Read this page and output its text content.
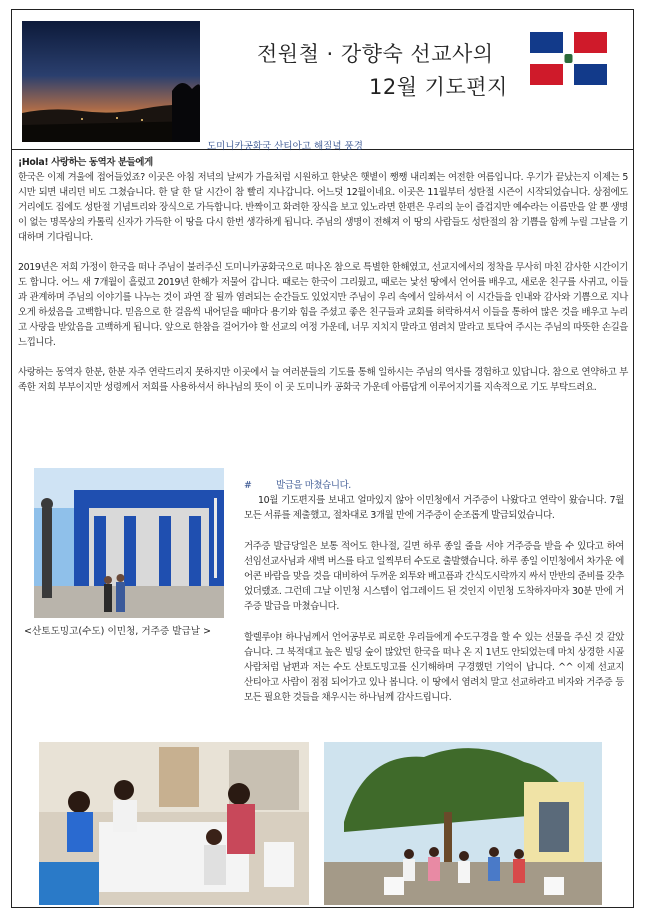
전원철 · 강향숙 선교사의
12월 기도편지
도미니카공화국 산티아고 해질녘 풍경
¡Hola! 사랑하는 동역자 분들에게

한국은 이제 겨울에 접어들었죠? 이곳은 아침 저녁의 날씨가 가을처럼 시원하고 한낮은 햇볕이 쨍쨍 내리쬐는 여전한 여름입니다. 우기가 끝났는지 이제는 5시만 되면 내리던 비도 그쳤습니다. 한 달 한 달 시간이 참 빨리 지나갑니다. 어느덧 12월이네요. 이곳은 11월부터 성탄절 시즌이 시작되었습니다. 상점에도 거리에도 집에도 성탄절 기념트리와 장식으로 가득합니다. 반짝이고 화려한 장식을 보고 있노라면 한편은 우리의 눈이 즐겁지만 예수라는 이름만을 알 뿐 생명이 없는 명목상의 카톨릭 신자가 가득한 이 땅을 다시 한번 생각하게 됩니다. 주님의 생명이 전해져 이 땅의 사람들도 성탄절의 참 기쁨을 함께 누릴 그날을 기대하며 기다립니다.

2019년은 저희 가정이 한국을 떠나 주님이 불러주신 도미니카공화국으로 떠나온 참으로 특별한 한해였고, 선교지에서의 정착을 무사히 마친 감사한 시간이기도 합니다. 어느 새 7개월이 흘렀고 2019년 한해가 저물어 갑니다. 때로는 한국이 그리웠고, 때로는 낯선 땅에서 언어를 배우고, 새로운 친구를 사귀고, 이들과 관계하며 주님의 이야기를 나누는 것이 과연 잘 될까 염려되는 순간들도 있었지만 주님이 우리 속에서 일하셔서 이 시간들을 인내와 감사와 기쁨으로 지나오게 하셨음을 고백합니다. 믿음으로 한 걸음씩 내어딛을 때마다 용기와 힘을 주셨고 좋은 친구들과 교회를 허락하셔서 이들을 통하여 많은 것을 배우고 누리고 사랑을 받았음을 고백하게 됩니다. 앞으로 한참을 걸어가야 할 선교의 여정 가운데, 너무 지치지 말라고 염려치 말라고 토닥여 주시는 주님의 따뜻한 손길을 느낍니다.

사랑하는 동역자 한분, 한분 자주 연락드리지 못하지만 이곳에서 늘 여러분들의 기도를 통해 일하시는 주님의 역사를 경험하고 있답니다. 참으로 연약하고 부족한 저희 부부이지만 성령께서 저희를 사용하셔서 하나님의 뜻이 이 곳 도미니카 공화국 가운데 아름답게 이루어지기를 지속적으로 기도 부탁드려요.

<산토도밍고(수도) 이민청, 거주증 발급날 >
#	발급을 마쳤습니다.

10월 기도편지를 보내고 얼마있지 않아 이민청에서 거주증이 나왔다고 연락이 왔습니다. 7월 모든 서류를 제출했고, 절차대로 3개월 만에 거주증이 순조롭게 발급되었습니다.

거주증 발급당일은 보통 적어도 한나절, 길면 하루 종일 줄을 서야 거주증을 받을 수 있다고 하여 선임선교사님과 새벽 버스를 타고 일찍부터 수도로 출발했습니다. 하루 종일 이민청에서 차가운 에어콘 바람을 맞을 것을 대비하여 두꺼운 외투와 배고픔과 간식도시락까지 싸서 만반의 준비를 갖추었더랬죠. 그런데 그날 이민청 시스템이 업그레이드 된 것인지 이민청 도착하자마자 30분 만에 거주증 발급을 마쳤습니다.

할렐루야! 하나님께서 언어공부로 피로한 우리들에게 수도구경을 할 수 있는 선물을 주신 것 같았습니다. 그 북적대고 높은 빌딩 숲이 많았던 한국을 떠나 온 지 1년도 안되었는데 마치 상경한 시골사람처럼 남편과 저는 수도 산토도밍고를 신기해하며 구경했던 기억이 납니다. ^^ 이제 선교지 산티아고 사람이 점점 되어가고 있나 봅니다. 이 땅에서 염려치 말고 선교하라고 비자와 거주증 등 모든 필요한 것들을 채우시는 하나님께 감사드립니다.
